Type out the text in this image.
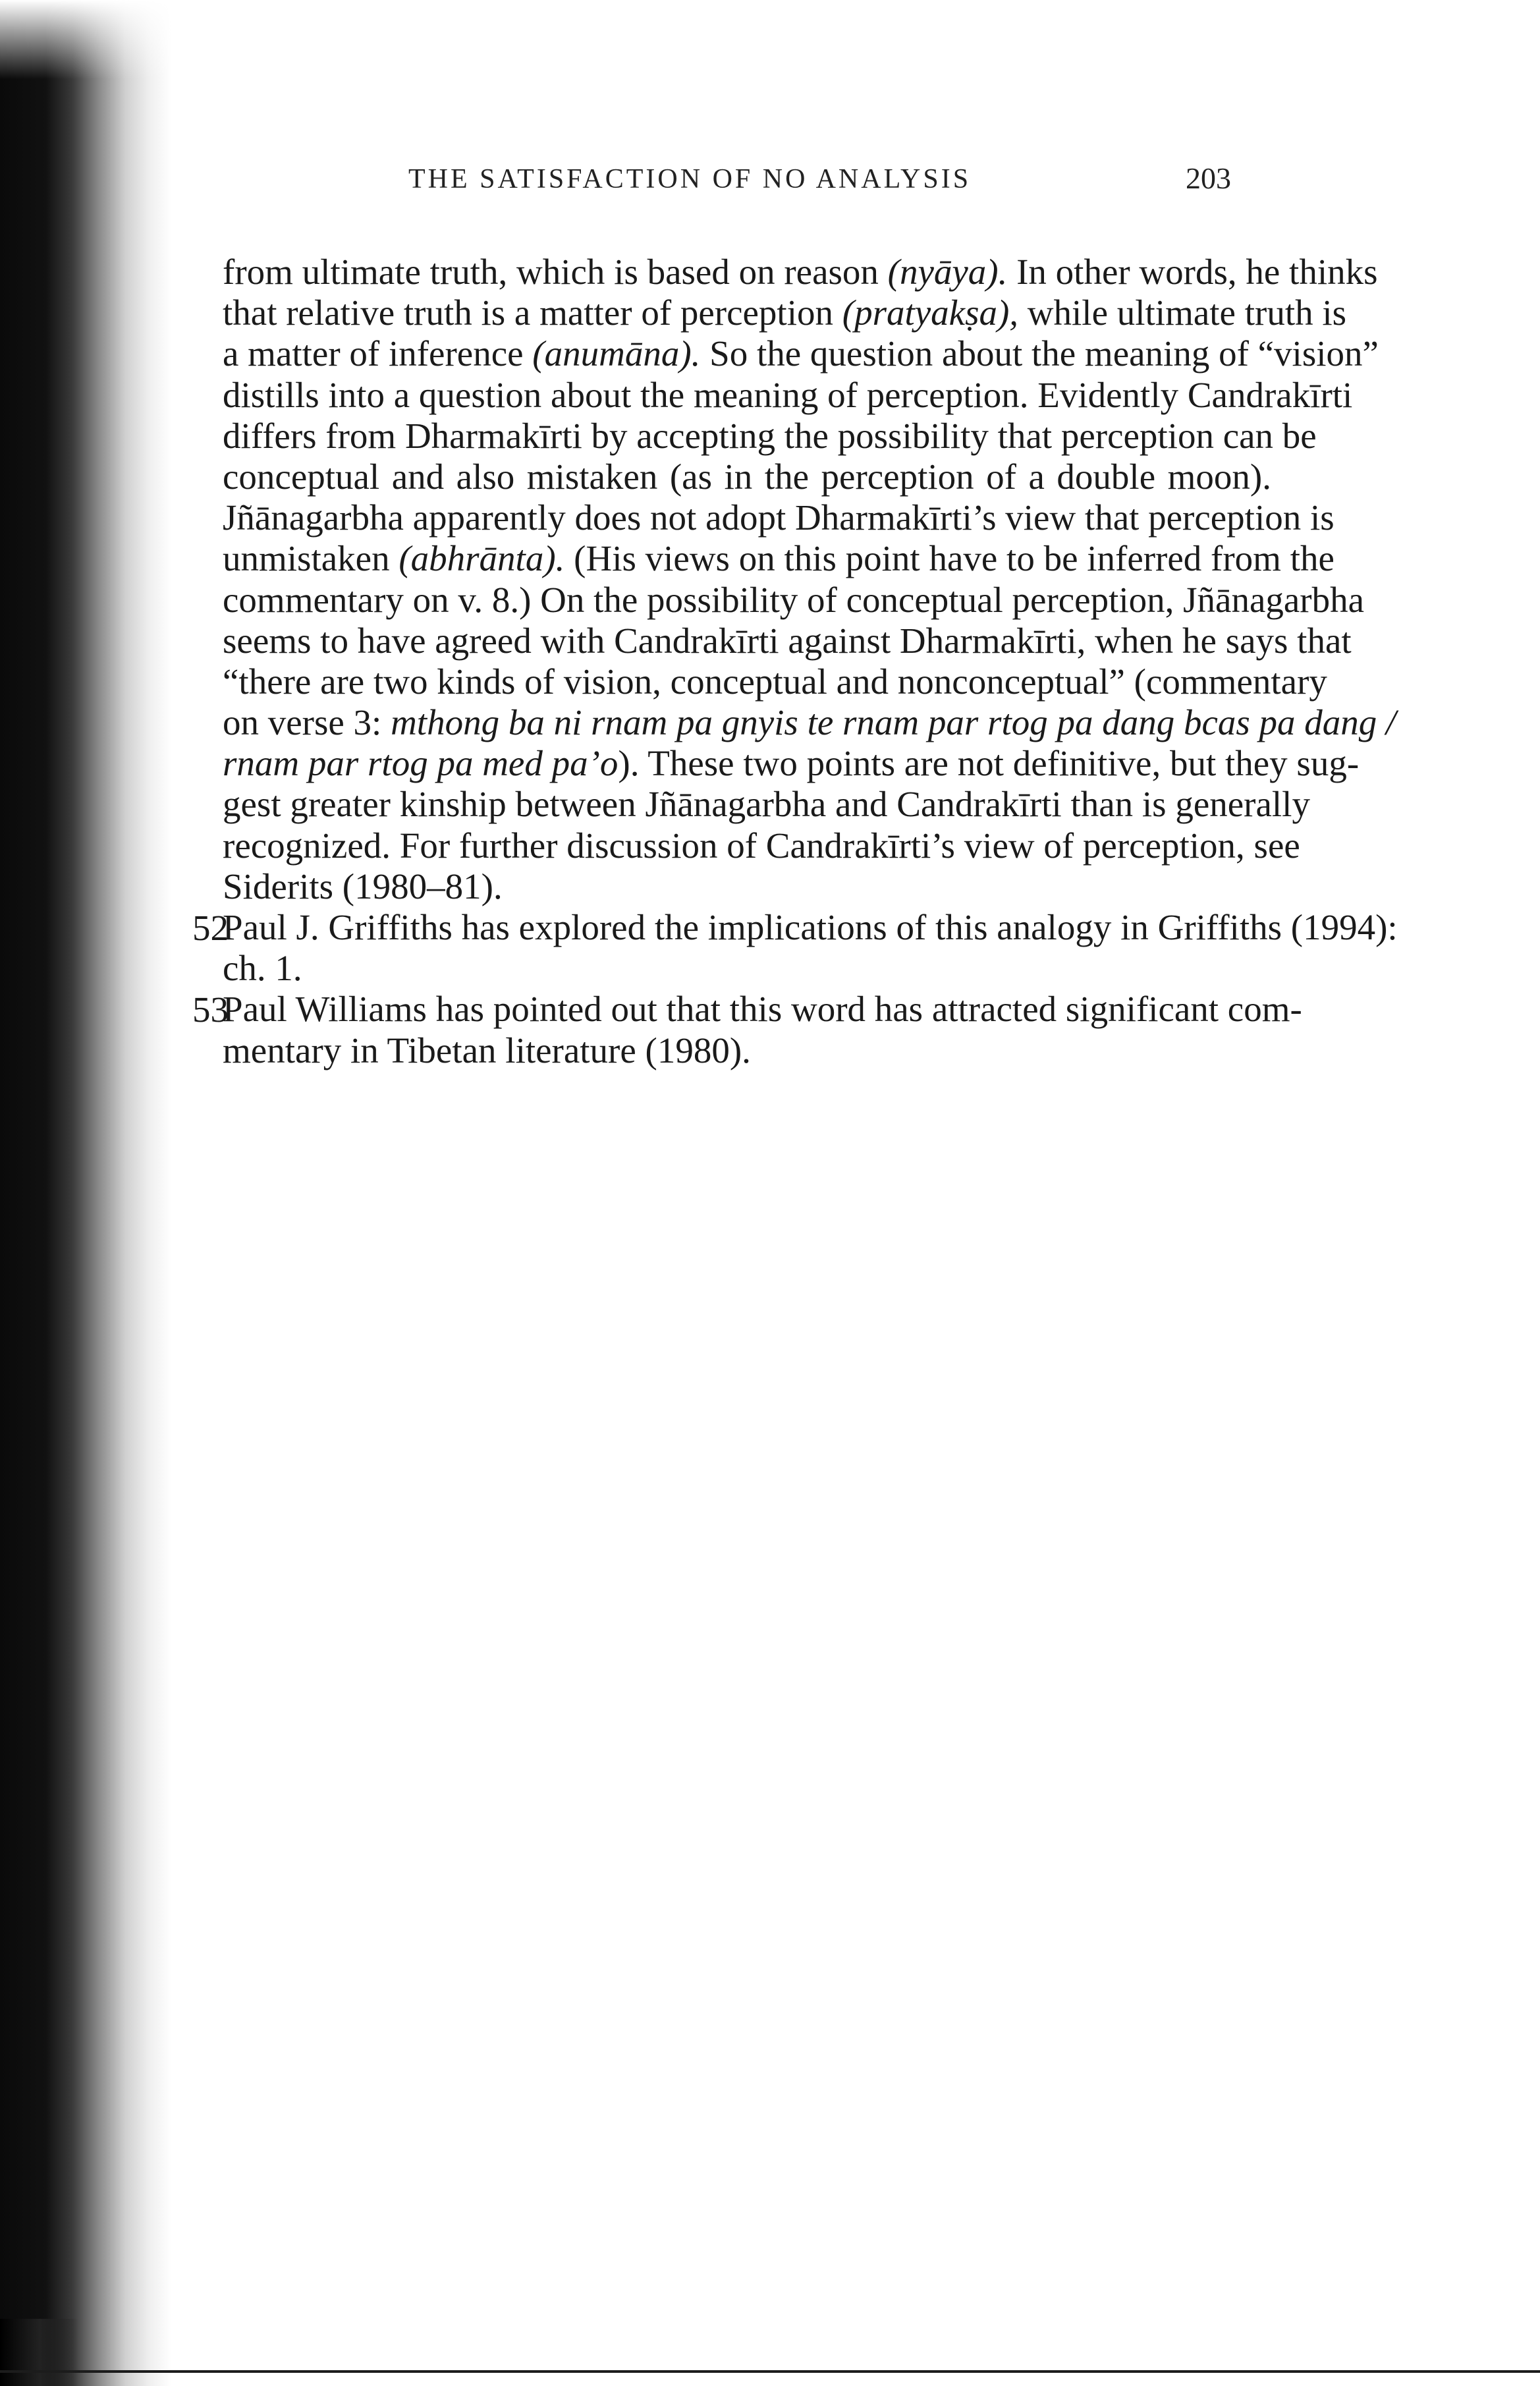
THE SATISFACTION OF NO ANALYSIS	203
from ultimate truth, which is based on reason (nyāya). In other words, he thinks
that relative truth is a matter of perception (pratyakṣa), while ultimate truth is
a matter of inference (anumāna). So the question about the meaning of “vision”
distills into a question about the meaning of perception. Evidently Candrakīrti
differs from Dharmakīrti by accepting the possibility that perception can be
conceptual and also mistaken (as in the perception of a double moon).
Jñānagarbha apparently does not adopt Dharmakīrti’s view that perception is
unmistaken (abhrānta). (His views on this point have to be inferred from the
commentary on v. 8.) On the possibility of conceptual perception, Jñānagarbha
seems to have agreed with Candrakīrti against Dharmakīrti, when he says that
“there are two kinds of vision, conceptual and nonconceptual” (commentary
on verse 3: mthong ba ni rnam pa gnyis te rnam par rtog pa dang bcas pa dang /
rnam par rtog pa med pa’o). These two points are not definitive, but they sug-
gest greater kinship between Jñānagarbha and Candrakīrti than is generally
recognized. For further discussion of Candrakīrti’s view of perception, see
Siderits (1980–81).
52
Paul J. Griffiths has explored the implications of this analogy in Griffiths (1994):
ch. 1.
53
Paul Williams has pointed out that this word has attracted significant com-
mentary in Tibetan literature (1980).
